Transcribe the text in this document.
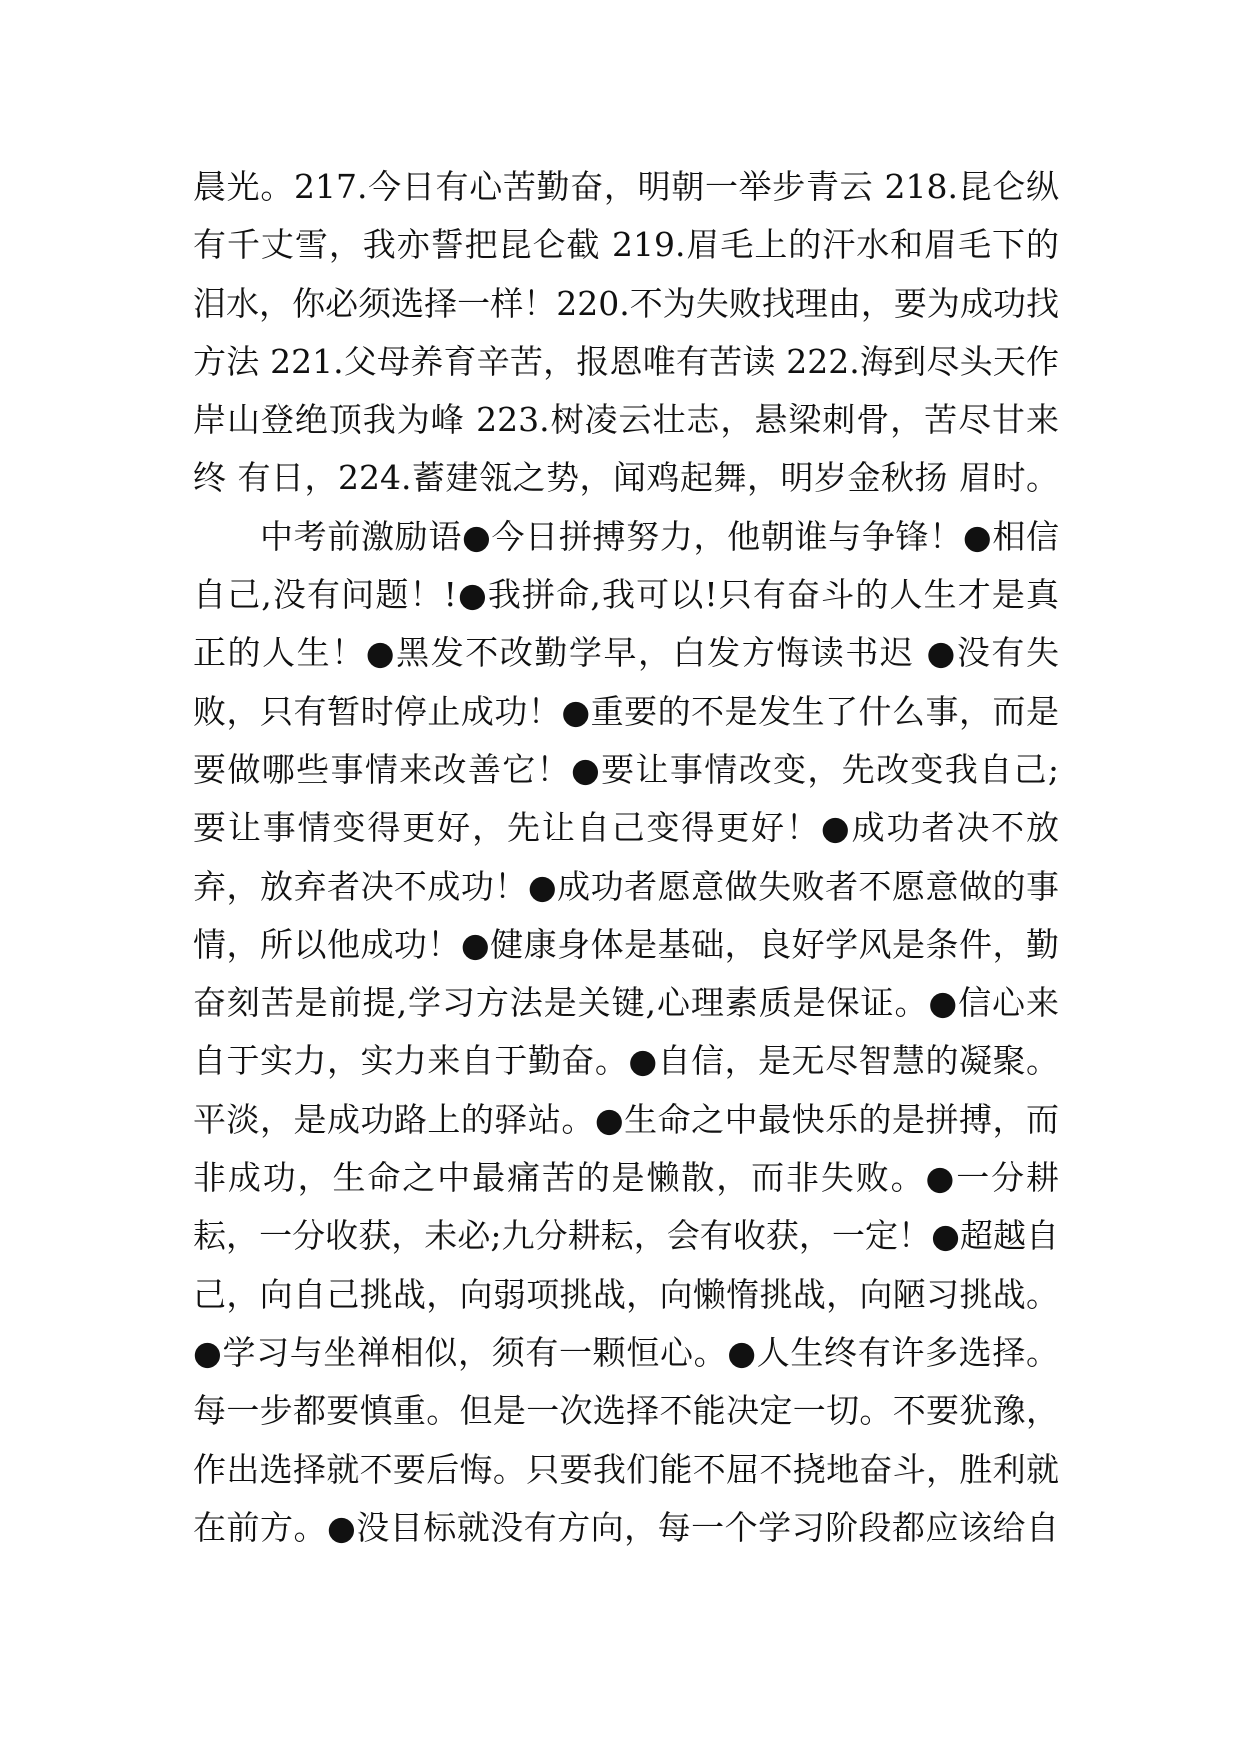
晨光。217.今日有心苦勤奋，明朝一举步青云 218.昆仑纵
有千丈雪，我亦誓把昆仑截 219.眉毛上的汗水和眉毛下的
泪水，你必须选择一样！220.不为失败找理由，要为成功找
方法 221.父母养育辛苦，报恩唯有苦读 222.海到尽头天作
岸山登绝顶我为峰 223.树凌云壮志，悬梁刺骨，苦尽甘来
终 有日，224.蓄建瓴之势，闻鸡起舞，明岁金秋扬 眉时。
中考前激励语●今日拼搏努力，他朝谁与争锋！●相信
自己,没有问题！!●我拼命,我可以!只有奋斗的人生才是真
正的人生！●黑发不改勤学早，白发方悔读书迟 ●没有失
败，只有暂时停止成功！●重要的不是发生了什么事，而是
要做哪些事情来改善它！●要让事情改变，先改变我自己;
要让事情变得更好，先让自己变得更好！●成功者决不放
弃，放弃者决不成功！●成功者愿意做失败者不愿意做的事
情，所以他成功！●健康身体是基础，良好学风是条件，勤
奋刻苦是前提,学习方法是关键,心理素质是保证。●信心来
自于实力，实力来自于勤奋。●自信，是无尽智慧的凝聚。
平淡，是成功路上的驿站。●生命之中最快乐的是拼搏，而
非成功，生命之中最痛苦的是懒散，而非失败。●一分耕
耘，一分收获，未必;九分耕耘，会有收获，一定！●超越自
己，向自己挑战，向弱项挑战，向懒惰挑战，向陋习挑战。
●学习与坐禅相似，须有一颗恒心。●人生终有许多选择。
每一步都要慎重。但是一次选择不能决定一切。不要犹豫，
作出选择就不要后悔。只要我们能不屈不挠地奋斗，胜利就
在前方。●没目标就没有方向，每一个学习阶段都应该给自
